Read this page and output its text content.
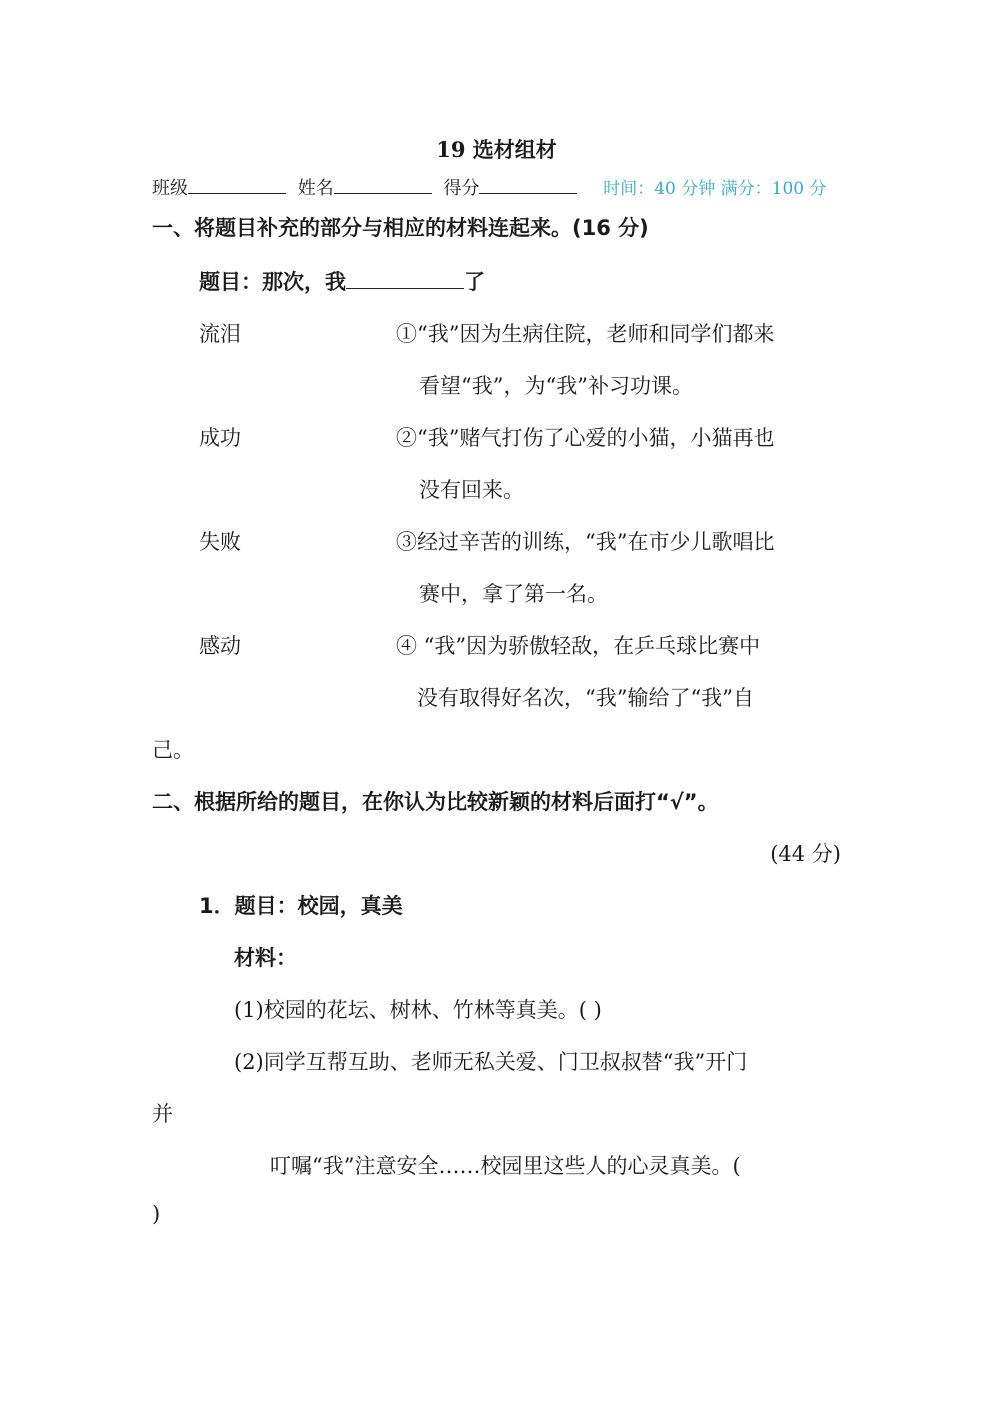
19 选材组材
班级	姓名	得分	时间：40 分钟 满分：100 分
一、将题目补充的部分与相应的材料连起来。(16 分)
题目：那次，我	了
流泪	①“我”因为生病住院，老师和同学们都来
看望“我”，为“我”补习功课。
成功	②“我”赌气打伤了心爱的小猫，小猫再也
没有回来。
失败	③经过辛苦的训练，“我”在市少儿歌唱比
赛中，拿了第一名。
感动	④ “我”因为骄傲轻敌，在乒乓球比赛中
没有取得好名次，“我”输给了“我”自
己。
二、根据所给的题目，在你认为比较新颖的材料后面打“√”。
(44 分)
1．题目：校园，真美
材料：
(1)校园的花坛、树林、竹林等真美。( )
(2)同学互帮互助、老师无私关爱、门卫叔叔替“我”开门
并
叮嘱“我”注意安全……校园里这些人的心灵真美。(
)
